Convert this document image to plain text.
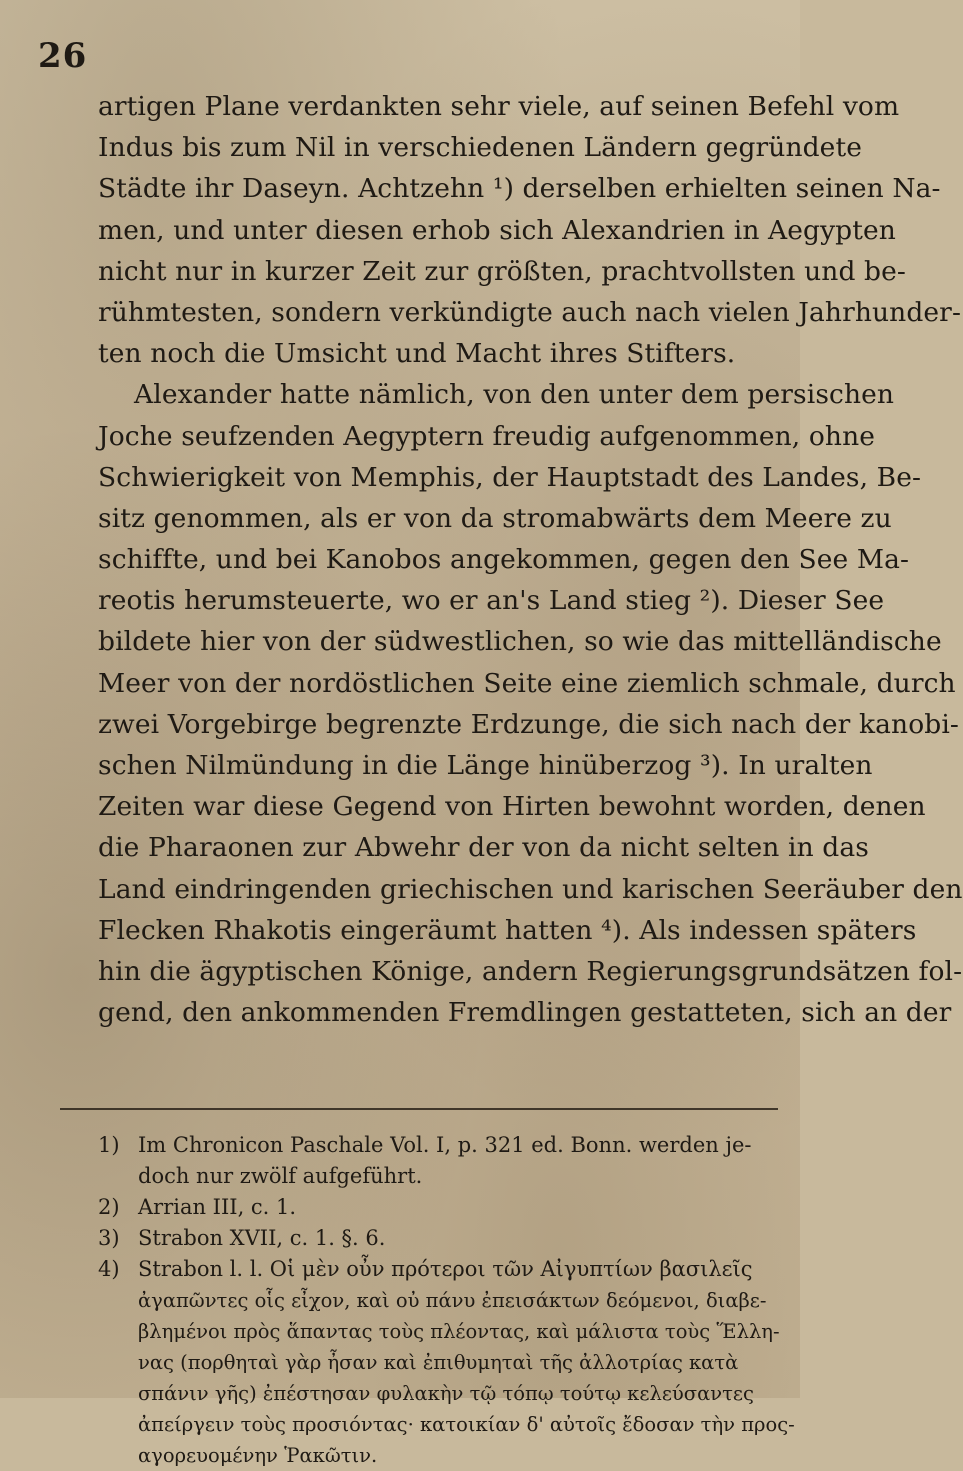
26
artigen Plane verdankten sehr viele, auf seinen Befehl vom
Indus bis zum Nil in verschiedenen Ländern gegründete
Städte ihr Daseyn. Achtzehn ¹) derselben erhielten seinen Na-
men, und unter diesen erhob sich Alexandrien in Aegypten
nicht nur in kurzer Zeit zur größten, prachtvollsten und be-
rühmtesten, sondern verkündigte auch nach vielen Jahrhunder-
ten noch die Umsicht und Macht ihres Stifters.
Alexander hatte nämlich, von den unter dem persischen
Joche seufzenden Aegyptern freudig aufgenommen, ohne
Schwierigkeit von Memphis, der Hauptstadt des Landes, Be-
sitz genommen, als er von da stromabwärts dem Meere zu
schiffte, und bei Kanobos angekommen, gegen den See Ma-
reotis herumsteuerte, wo er an's Land stieg ²). Dieser See
bildete hier von der südwestlichen, so wie das mittelländische
Meer von der nordöstlichen Seite eine ziemlich schmale, durch
zwei Vorgebirge begrenzte Erdzunge, die sich nach der kanobi-
schen Nilmündung in die Länge hinüberzog ³). In uralten
Zeiten war diese Gegend von Hirten bewohnt worden, denen
die Pharaonen zur Abwehr der von da nicht selten in das
Land eindringenden griechischen und karischen Seeräuber den
Flecken Rhakotis eingeräumt hatten ⁴). Als indessen späters
hin die ägyptischen Könige, andern Regierungsgrundsätzen fol-
gend, den ankommenden Fremdlingen gestatteten, sich an der
1) Im Chronicon Paschale Vol. I, p. 321 ed. Bonn. werden je-
doch nur zwölf aufgeführt.
2) Arrian III, c. 1.
3) Strabon XVII, c. 1. §. 6.
4) Strabon l. l. Οἱ μὲν οὖν πρότεροι τῶν Αἰγυπτίων βασιλεῖς
ἀγαπῶντες οἷς εἶχον, καὶ οὐ πάνυ ἐπεισάκτων δεόμενοι, διαβε-
βλημένοι πρὸς ἅπαντας τοὺς πλέοντας, καὶ μάλιστα τοὺς Ἕλλη-
νας (πορθηταὶ γὰρ ἦσαν καὶ ἐπιθυμηταὶ τῆς ἀλλοτρίας κατὰ
σπάνιν γῆς) ἐπέστησαν φυλακὴν τῷ τόπῳ τούτῳ κελεύσαντες
ἀπείργειν τοὺς προσιόντας· κατοικίαν δ' αὐτοῖς ἔδοσαν τὴν προς-
αγορευομένην Ῥακῶτιν.
